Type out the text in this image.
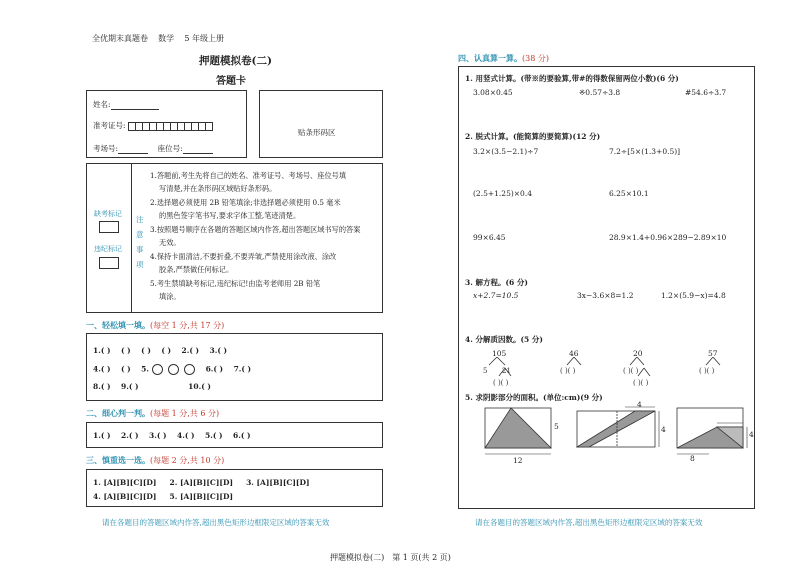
全优期末真题卷 数学 5 年级上册
押题模拟卷(二)
答题卡
姓名:
准考证号:
考场号:	座位号:
贴条形码区
缺考标记
违纪标记
注
意
事
项
1.答题前,考生先将自己的姓名、准考证号、考场号、座位号填
写清楚,并在条形码区域贴好条形码。
2.选择题必须使用 2B 铅笔填涂;非选择题必须使用 0.5 毫米
的黑色签字笔书写,要求字体工整,笔迹清楚。
3.按照题号顺序在各题的答题区域内作答,超出答题区域书写的答案
无效。
4.保持卡面清洁,不要折叠,不要弄皱,严禁使用涂改液、涂改
胶条,严禁做任何标记。
5.考生禁填缺考标记,违纪标记!由监考老师用 2B 铅笔
填涂。
一、轻松填一填。(每空 1 分,共 17 分)
1.( ) ( ) ( ) ( ) 2.( ) 3.( )
4.( ) ( ) 5.	6.( ) 7.( )
8.( ) 9.( )	10.( )
二、细心判一判。(每题 1 分,共 6 分)
1.( ) 2.( ) 3.( ) 4.( ) 5.( ) 6.( )
三、慎重选一选。(每题 2 分,共 10 分)
1. [A][B][C][D] 2. [A][B][C][D] 3. [A][B][C][D]
4. [A][B][C][D] 5. [A][B][C][D]
请在各题目的答题区域内作答,超出黑色矩形边框限定区域的答案无效
四、认真算一算。(38 分)
1. 用竖式计算。(带※的要验算,带#的得数保留两位小数)(6 分)
3.08×0.45	※0.57÷3.8	#54.6÷3.7
2. 脱式计算。(能简算的要简算)(12 分)
3.2×(3.5−2.1)÷7	7.2÷[5×(1.3+0.5)]
(2.5+1.25)×0.4	6.25×10.1
99×6.45	28.9×1.4+0.96×289−2.89×10
3. 解方程。(6 分)
x+2.7=10.5	3x−3.6×8=1.2	1.2×(5.9−x)=4.8
4. 分解质因数。(5 分)
105	46	20	57
5 21
( )( )
( )( )	( )( )
( )( )
( )( )
5. 求阴影部分的面积。(单位:cm)(9 分)
5
12
4
4
4
8
请在各题目的答题区域内作答,超出黑色矩形边框限定区域的答案无效
押题模拟卷(二)　第 1 页(共 2 页)
